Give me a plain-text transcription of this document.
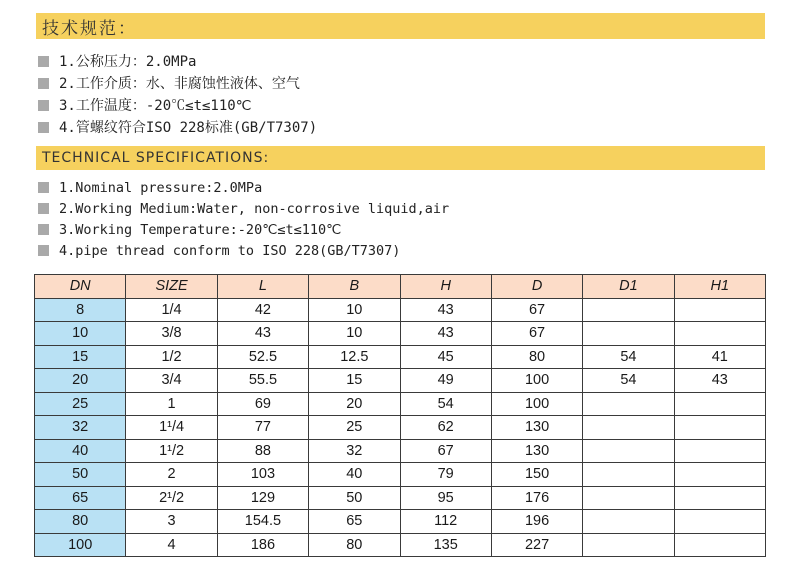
技术规范：
1.公称压力：2.0MPa
2.工作介质：水、非腐蚀性液体、空气
3.工作温度：-20℃≤t≤110℃
4.管螺纹符合ISO 228标准(GB/T7307)
TECHNICAL SPECIFICATIONS:
1.Nominal pressure:2.0MPa
2.Working Medium:Water, non-corrosive liquid,air
3.Working Temperature:-20℃≤t≤110℃
4.pipe thread conform to ISO 228(GB/T7307)
DN	SIZE	L	B	H	D	D1	H1
8	1/4	42	10	43	67		
10	3/8	43	10	43	67		
15	1/2	52.5	12.5	45	80	54	41
20	3/4	55.5	15	49	100	54	43
25	1	69	20	54	100		
32	1¹/4	77	25	62	130		
40	1¹/2	88	32	67	130		
50	2	103	40	79	150		
65	2¹/2	129	50	95	176		
80	3	154.5	65	112	196		
100	4	186	80	135	227		
